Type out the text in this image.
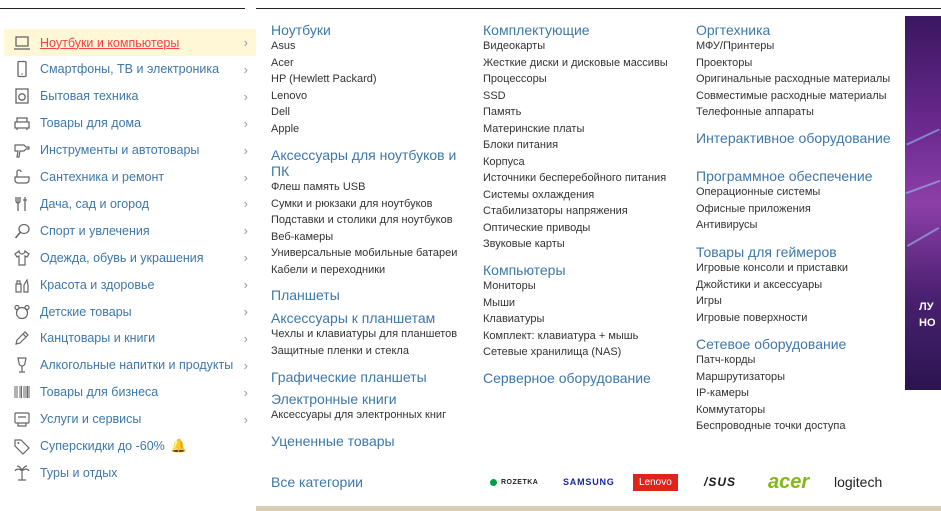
Ноутбуки и компьютеры	›
Смартфоны, ТВ и электроника ›
Бытовая техника	›
Товары для дома	›
Инструменты и автотовары	›
Сантехника и ремонт	›
Дача, сад и огород	›
Спорт и увлечения	›
Одежда, обувь и украшения	›
Красота и здоровье	›
Детские товары	›
Канцтовары и книги	›
Алкогольные напитки и продукты ›
Товары для бизнеса	›
Услуги и сервисы	›
Суперскидки до -60% 🔔
Туры и отдых
Ноутбуки
Asus
Acer
HP (Hewlett Packard)
Lenovo
Dell
Apple
Аксессуары для ноутбуков и ПК
Флеш память USB
Сумки и рюкзаки для ноутбуков
Подставки и столики для ноутбуков
Веб-камеры
Универсальные мобильные батареи
Кабели и переходники
Планшеты
Аксессуары к планшетам
Чехлы и клавиатуры для планшетов
Защитные пленки и стекла
Графические планшеты
Электронные книги
Аксессуары для электронных книг
Уцененные товары
Комплектующие
Видеокарты
Жесткие диски и дисковые массивы
Процессоры
SSD
Память
Материнские платы
Блоки питания
Корпуса
Источники бесперебойного питания
Системы охлаждения
Стабилизаторы напряжения
Оптические приводы
Звуковые карты
Компьютеры
Мониторы
Мыши
Клавиатуры
Комплект: клавиатура + мышь
Сетевые хранилища (NAS)
Серверное оборудование
Оргтехника
МФУ/Принтеры
Проекторы
Оригинальные расходные материалы
Совместимые расходные материалы
Телефонные аппараты
Интерактивное оборудование
Программное обеспечение
Операционные системы
Офисные приложения
Антивирусы
Товары для геймеров
Игровые консоли и приставки
Джойстики и аксессуары
Игры
Игровые поверхности
Сетевое оборудование
Патч-корды
Маршрутизаторы
IP-камеры
Коммутаторы
Беспроводные точки доступа
Все категории	ROZETKA	SAMSUNG	Lenovo	/SUS acer logitech
ЛУ
НО
